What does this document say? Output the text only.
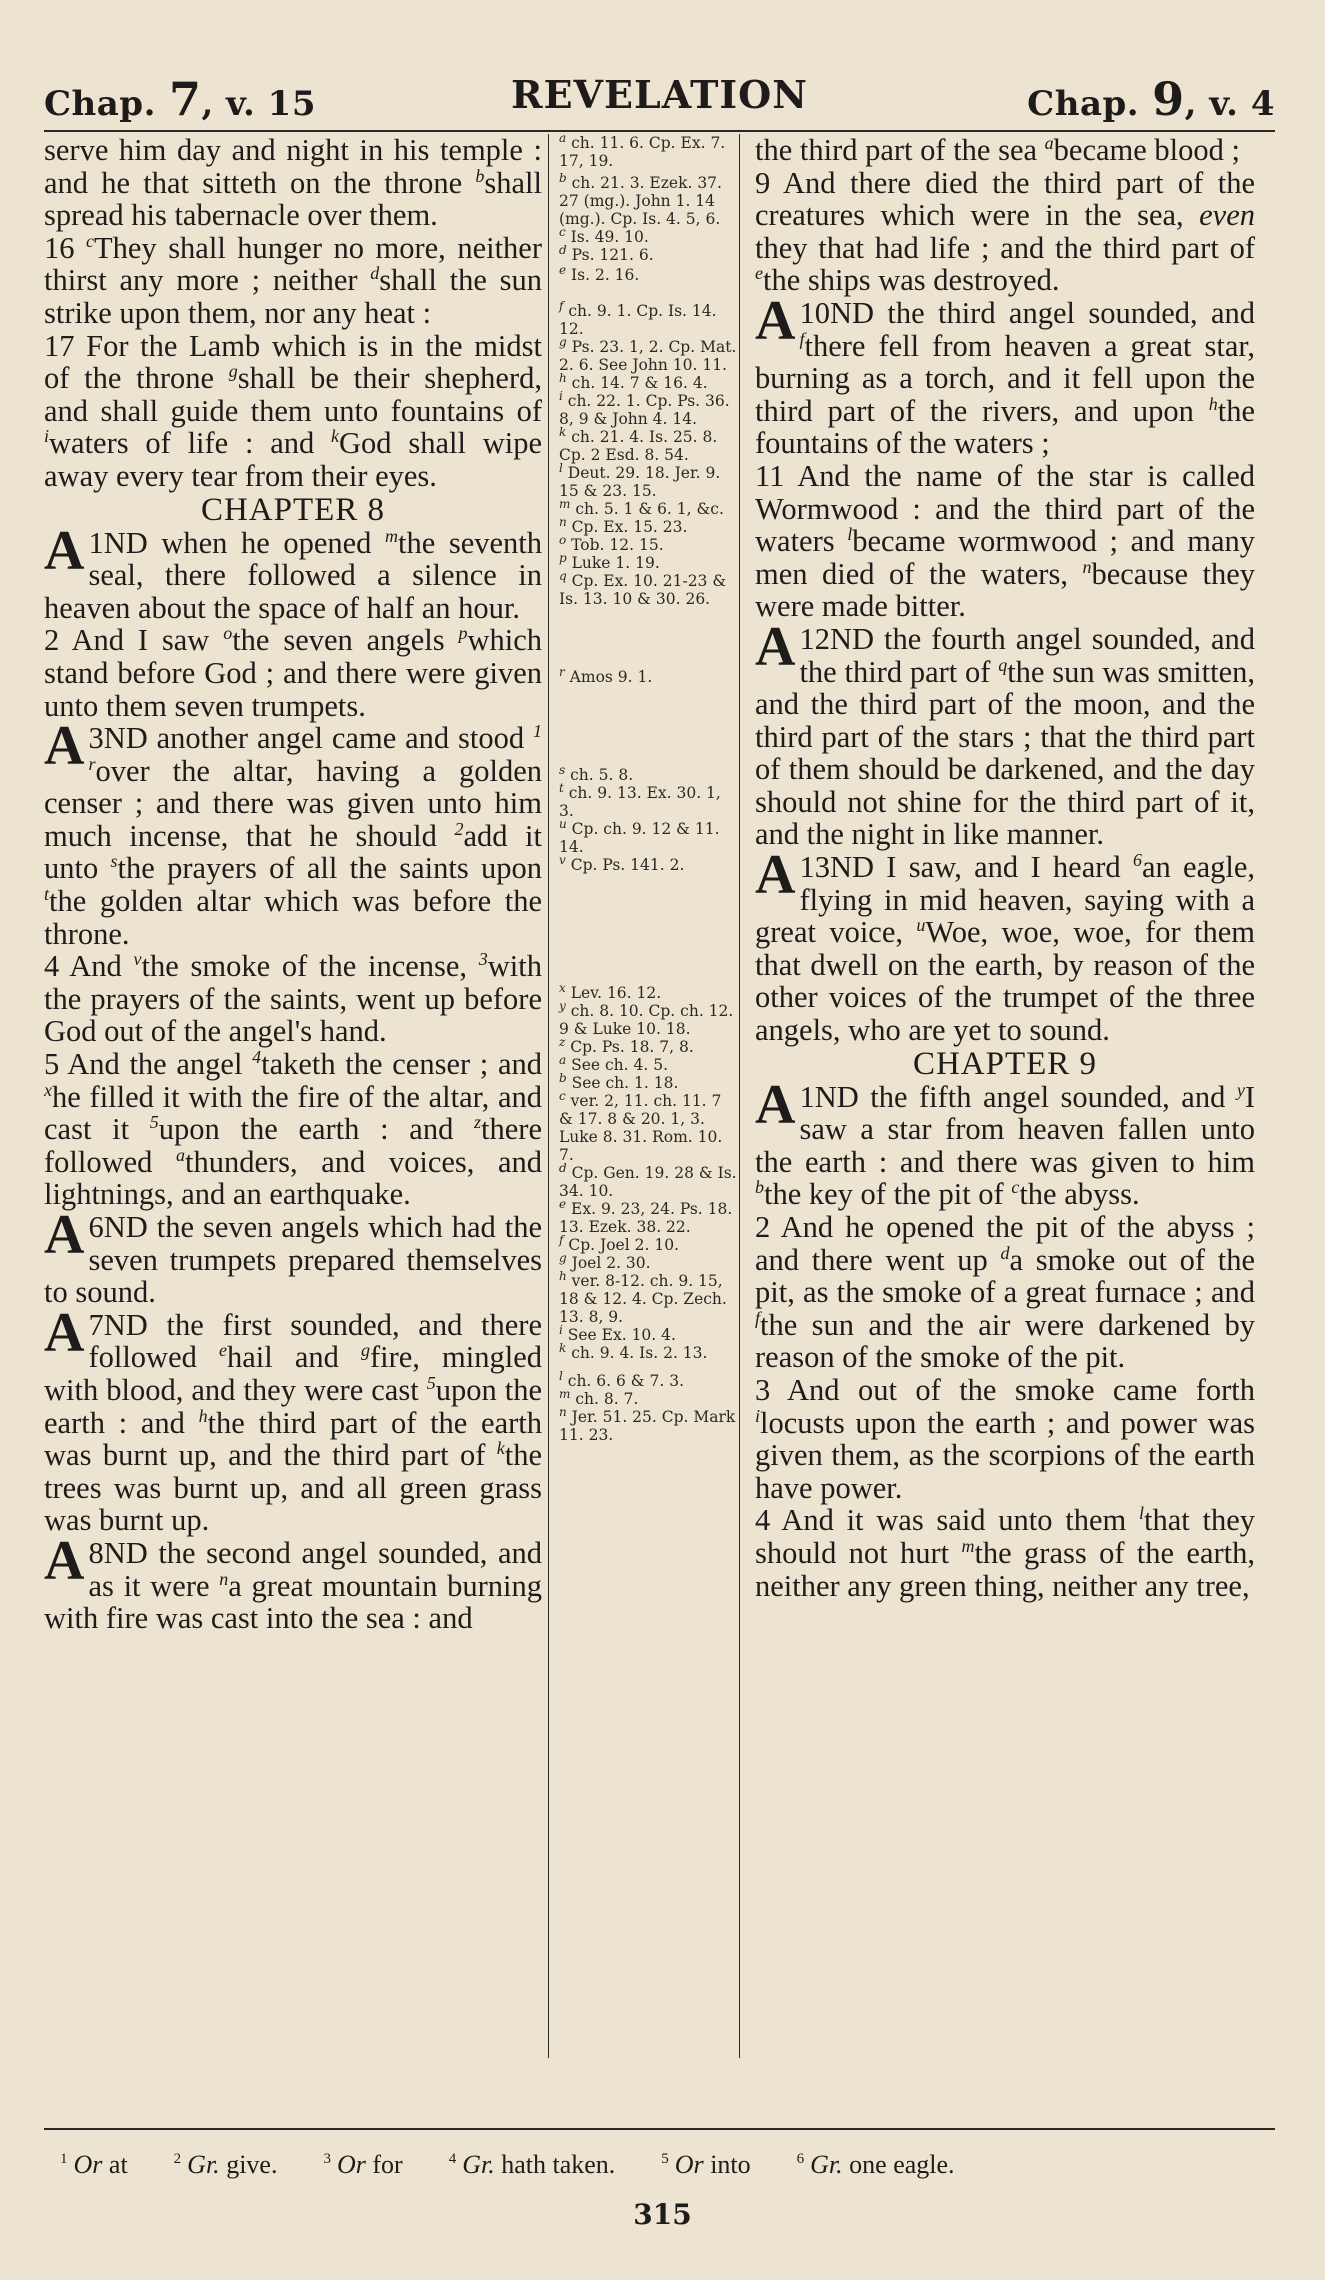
Chap. 7, v. 15	REVELATION	Chap. 9, v. 4

serve him day and night in his temple : and he that sitteth on the throne $^b$shall spread his tabernacle over them.

16 $^c$They shall hunger no more, neither thirst any more ; neither $^d$shall the sun strike upon them, nor any heat :

17 For the Lamb which is in the midst of the throne $^g$shall be their shepherd, and shall guide them unto fountains of $^i$waters of life : and $^k$God shall wipe away every tear from their eyes.

CHAPTER 8

1
A ND when he opened $^m$the seventh seal, there followed a silence in heaven about the space of half an hour.

2 And I saw $^o$the seven angels $^p$which stand before God ; and there were given unto them seven trumpets.

3
A ND another angel came and stood $^{1 r}$over the altar, having a golden censer ; and there was given unto him much incense, that he should $^2$add it unto $^s$the prayers of all the saints upon $^t$the golden altar which was before the throne.

4 And $^v$the smoke of the incense, $^3$with the prayers of the saints, went up before God out of the angel's hand.

5 And the angel $^4$taketh the censer ; and $^x$he filled it with the fire of the altar, and cast it $^5$upon the earth : and $^z$there followed $^a$thunders, and voices, and lightnings, and an earthquake.

6
A ND the seven angels which had the seven trumpets prepared themselves to sound.

7
A ND the first sounded, and there followed $^e$hail and $^g$fire, mingled with blood, and they were cast $^5$upon the earth : and $^h$the third part of the earth was burnt up, and the third part of $^k$the trees was burnt up, and all green grass was burnt up.

8
A ND the second angel sounded, and as it were $^n$a great mountain burning with fire was cast into the sea : and

$^a$ ch. 11. 6. Cp. Ex. 7. 17, 19.

$^b$ ch. 21. 3. Ezek. 37. 27 (mg.). John 1. 14 (mg.). Cp. Is. 4. 5, 6.

$^c$ Is. 49. 10.

$^d$ Ps. 121. 6.

$^e$ Is. 2. 16.

$^f$ ch. 9. 1. Cp. Is. 14. 12.

$^g$ Ps. 23. 1, 2. Cp. Mat. 2. 6. See John 10. 11.

$^h$ ch. 14. 7 & 16. 4.

$^i$ ch. 22. 1. Cp. Ps. 36. 8, 9 & John 4. 14.

$^k$ ch. 21. 4. Is. 25. 8. Cp. 2 Esd. 8. 54.

$^l$ Deut. 29. 18. Jer. 9. 15 & 23. 15.

$^m$ ch. 5. 1 & 6. 1, &c.

$^n$ Cp. Ex. 15. 23.

$^o$ Tob. 12. 15.

$^p$ Luke 1. 19.

$^q$ Cp. Ex. 10. 21-23 & Is. 13. 10 & 30. 26.

$^r$ Amos 9. 1.

$^s$ ch. 5. 8.

$^t$ ch. 9. 13. Ex. 30. 1, 3.

$^u$ Cp. ch. 9. 12 & 11. 14.

$^v$ Cp. Ps. 141. 2.

$^x$ Lev. 16. 12.

$^y$ ch. 8. 10. Cp. ch. 12. 9 & Luke 10. 18.

$^z$ Cp. Ps. 18. 7, 8.

$^a$ See ch. 4. 5.

$^b$ See ch. 1. 18.

$^c$ ver. 2, 11. ch. 11. 7 & 17. 8 & 20. 1, 3. Luke 8. 31. Rom. 10. 7.

$^d$ Cp. Gen. 19. 28 & Is. 34. 10.

$^e$ Ex. 9. 23, 24. Ps. 18. 13. Ezek. 38. 22.

$^f$ Cp. Joel 2. 10.

$^g$ Joel 2. 30.

$^h$ ver. 8-12. ch. 9. 15, 18 & 12. 4. Cp. Zech. 13. 8, 9.

$^i$ See Ex. 10. 4.

$^k$ ch. 9. 4. Is. 2. 13.

$^l$ ch. 6. 6 & 7. 3.

$^m$ ch. 8. 7.

$^n$ Jer. 51. 25. Cp. Mark 11. 23.

the third part of the sea $^a$became blood ;

9 And there died the third part of the creatures which were in the sea, even they that had life ; and the third part of $^e$the ships was destroyed.

10
A ND the third angel sounded, and $^f$there fell from heaven a great star, burning as a torch, and it fell upon the third part of the rivers, and upon $^h$the fountains of the waters ;

11 And the name of the star is called Wormwood : and the third part of the waters $^l$became wormwood ; and many men died of the waters, $^n$because they were made bitter.

12
A ND the fourth angel sounded, and the third part of $^q$the sun was smitten, and the third part of the moon, and the third part of the stars ; that the third part of them should be darkened, and the day should not shine for the third part of it, and the night in like manner.

13
A ND I saw, and I heard $^6$an eagle, flying in mid heaven, saying with a great voice, $^u$Woe, woe, woe, for them that dwell on the earth, by reason of the other voices of the trumpet of the three angels, who are yet to sound.

CHAPTER 9

1
A ND the fifth angel sounded, and $^y$I saw a star from heaven fallen unto the earth : and there was given to him $^b$the key of the pit of $^c$the abyss.

2 And he opened the pit of the abyss ; and there went up $^d$a smoke out of the pit, as the smoke of a great furnace ; and $^f$the sun and the air were darkened by reason of the smoke of the pit.

3 And out of the smoke came forth $^i$locusts upon the earth ; and power was given them, as the scorpions of the earth have power.

4 And it was said unto them $^l$that they should not hurt $^m$the grass of the earth, neither any green thing, neither any tree,

$^1$ Or at	$^2$ Gr. give.	$^3$ Or for	$^4$ Gr. hath taken.	$^5$ Or into	$^6$ Gr. one eagle.
315
